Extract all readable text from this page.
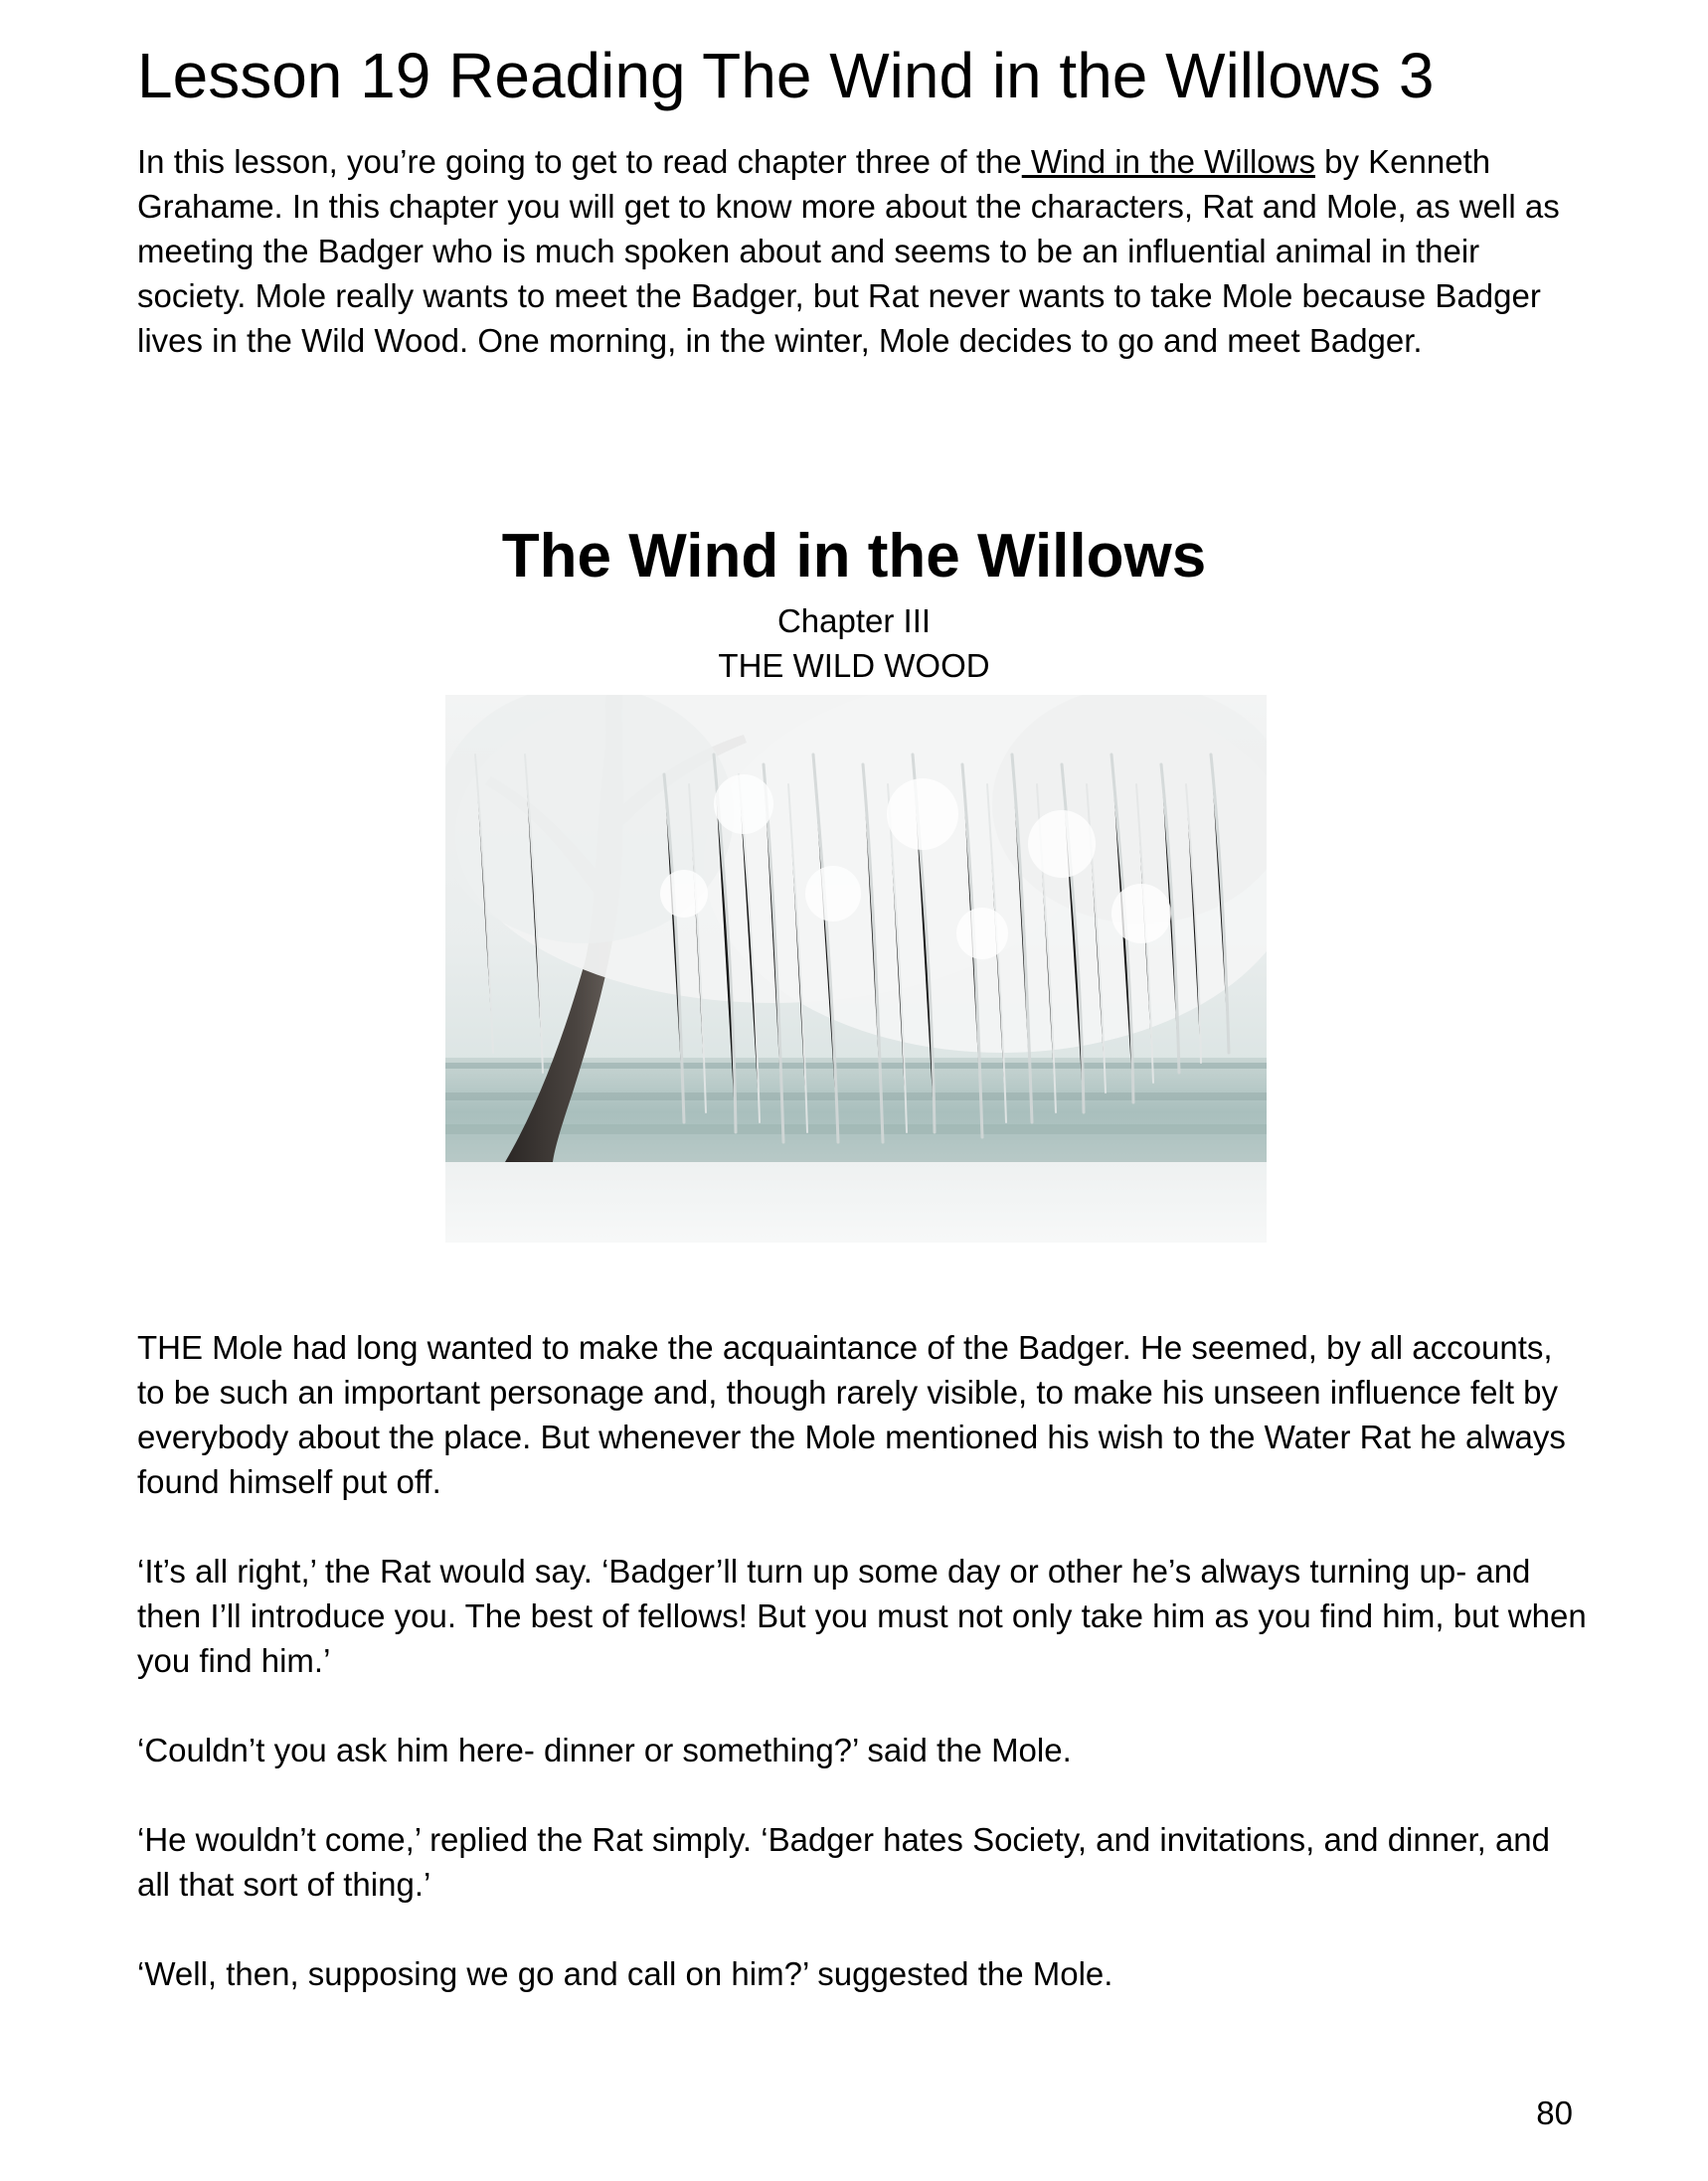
Lesson 19 Reading The Wind in the Willows 3

In this lesson, you’re going to get to read chapter three of the Wind in the Willows by Kenneth Grahame. In this chapter you will get to know more about the characters, Rat and Mole, as well as meeting the Badger who is much spoken about and seems to be an influential animal in their society. Mole really wants to meet the Badger, but Rat never wants to take Mole because Badger lives in the Wild Wood. One morning, in the winter, Mole decides to go and meet Badger.

The Wind in the Willows
Chapter III
THE WILD WOOD

THE Mole had long wanted to make the acquaintance of the Badger. He seemed, by all accounts, to be such an important personage and, though rarely visible, to make his unseen influence felt by everybody about the place. But whenever the Mole mentioned his wish to the Water Rat he always found himself put off.

‘It’s all right,’ the Rat would say. ‘Badger’ll turn up some day or other he’s always turning up- and then I’ll introduce you. The best of fellows! But you must not only take him as you find him, but when you find him.’

‘Couldn’t you ask him here- dinner or something?’ said the Mole.

‘He wouldn’t come,’ replied the Rat simply. ‘Badger hates Society, and invitations, and dinner, and all that sort of thing.’

‘Well, then, supposing we go and call on him?’ suggested the Mole.

80
